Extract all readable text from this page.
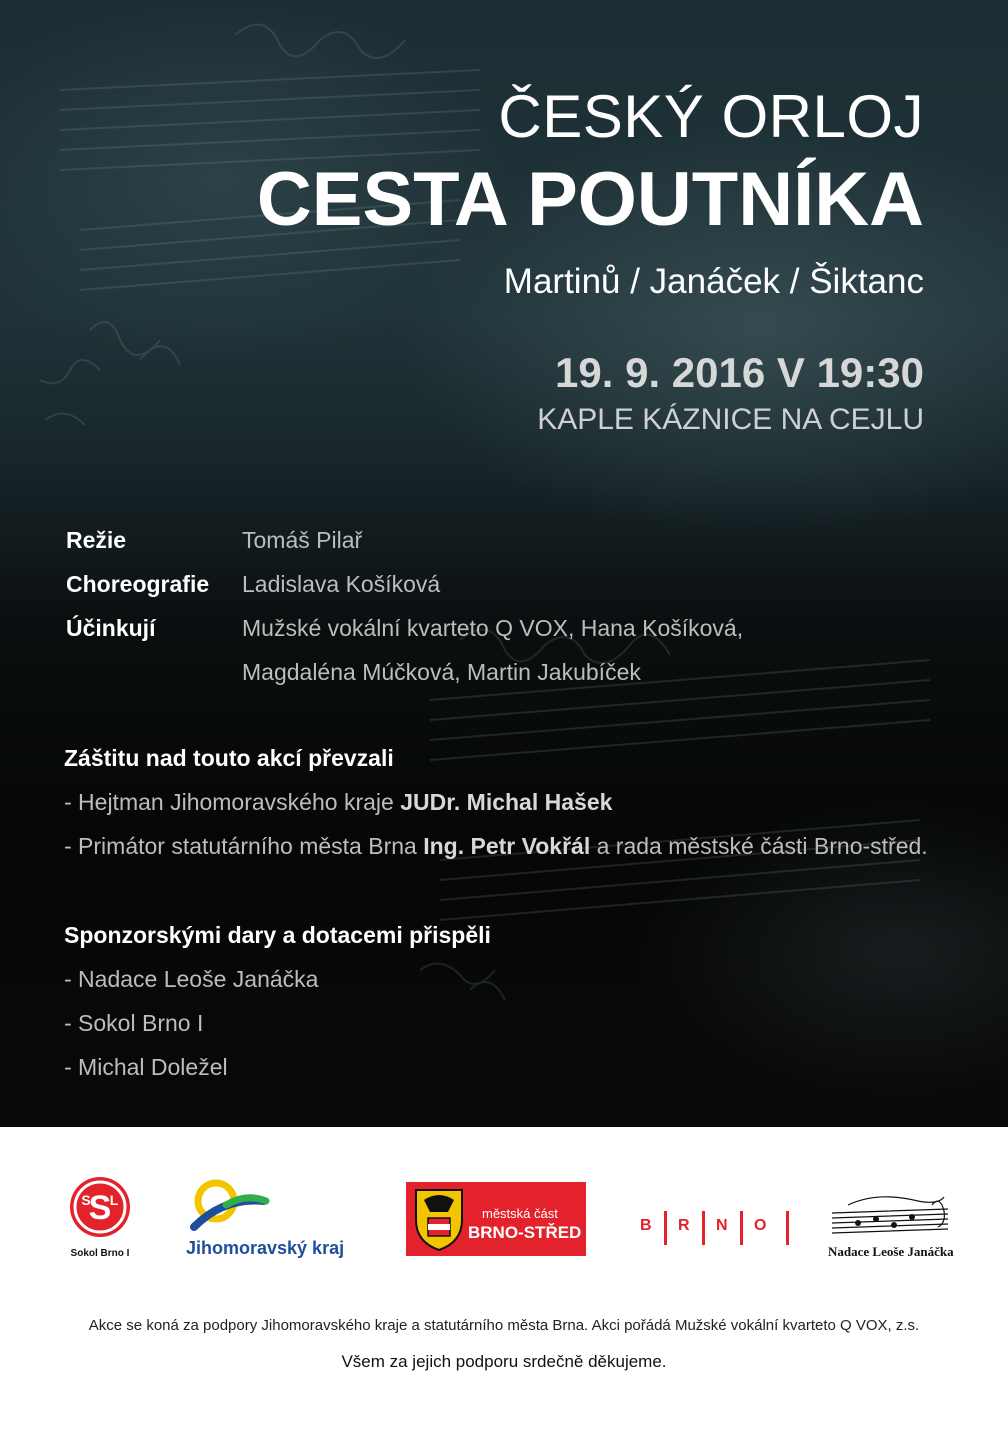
ČESKÝ ORLOJ
CESTA POUTNÍKA
Martinů / Janáček / Šiktanc
19. 9. 2016 V 19:30
KAPLE KÁZNICE NA CEJLU
Režie	Tomáš Pilař
Choreografie	Ladislava Košíková
Účinkují	Mužské vokální kvarteto Q VOX, Hana Košíková,
Magdaléna Múčková, Martin Jakubíček
Záštitu nad touto akcí převzali
- Hejtman Jihomoravského kraje JUDr. Michal Hašek
- Primátor statutárního města Brna Ing. Petr Vokřál a rada městské části Brno-střed.
Sponzorskými dary a dotacemi přispěli
- Nadace Leoše Janáčka
- Sokol Brno I
- Michal Doležel
S
S L
Sokol Brno I	Jihomoravský kraj
městská část
BRNO-STŘED	B R N O
Nadace Leoše Janáčka
Akce se koná za podpory Jihomoravského kraje a statutárního města Brna. Akci pořádá Mužské vokální kvarteto Q VOX, z.s.
Všem za jejich podporu srdečně děkujeme.
